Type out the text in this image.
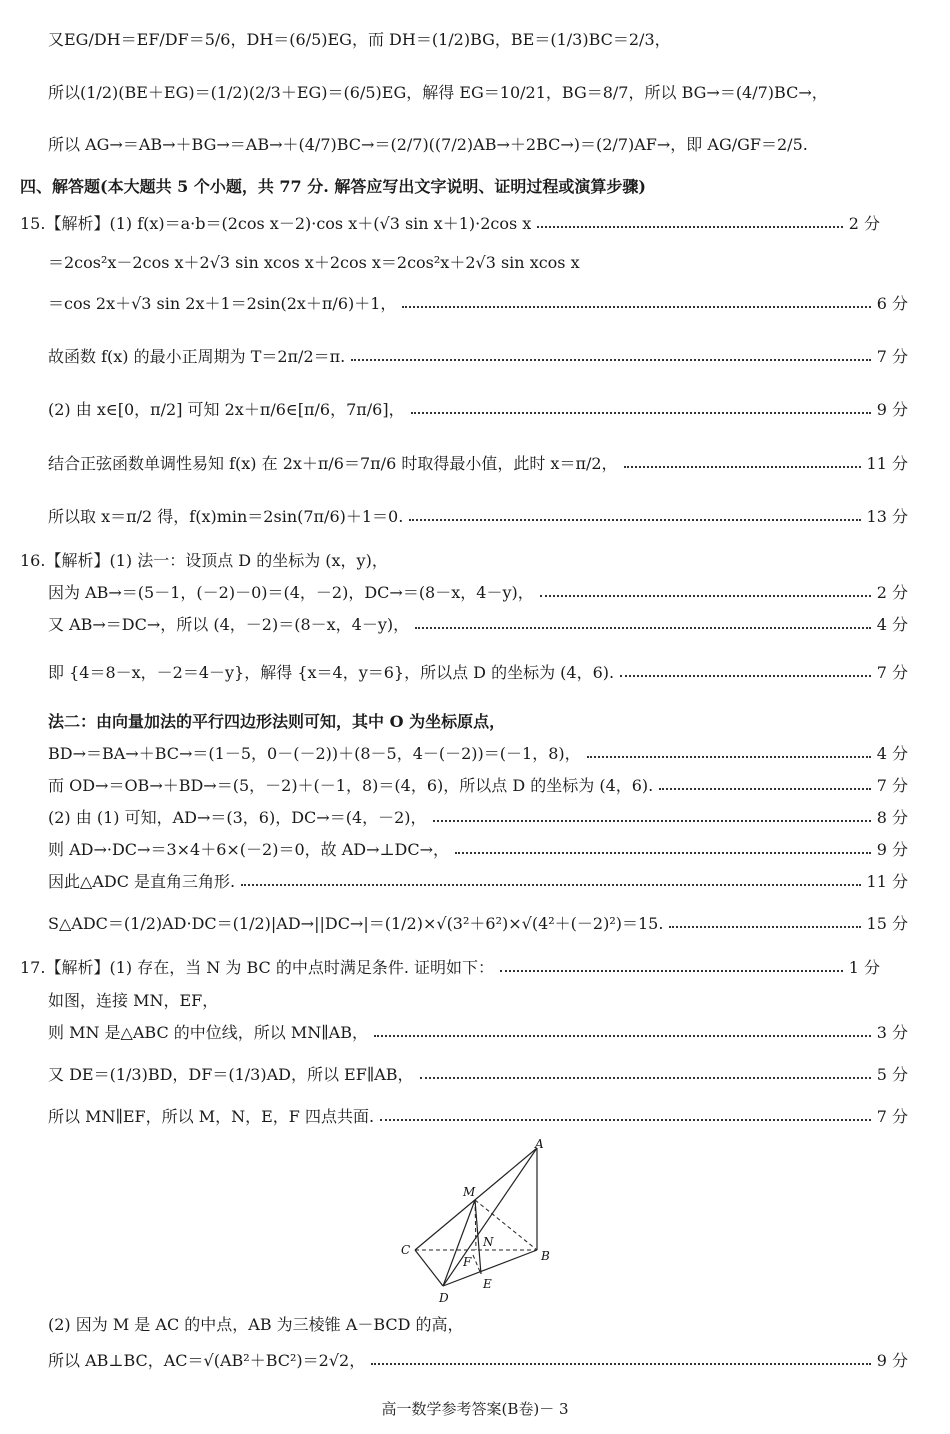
又EG/DH＝EF/DF＝5/6，DH＝(6/5)EG，而 DH＝(1/2)BG，BE＝(1/3)BC＝2/3，
所以(1/2)(BE＋EG)＝(1/2)(2/3＋EG)＝(6/5)EG，解得 EG＝10/21，BG＝8/7，所以 BG→＝(4/7)BC→，
所以 AG→＝AB→＋BG→＝AB→＋(4/7)BC→＝(2/7)((7/2)AB→＋2BC→)＝(2/7)AF→，即 AG/GF＝2/5.
四、解答题(本大题共 5 个小题，共 77 分. 解答应写出文字说明、证明过程或演算步骤)
15.【解析】(1) f(x)＝a·b＝(2cos x－2)·cos x＋(√3 sin x＋1)·2cos x	2 分
＝2cos²x－2cos x＋2√3 sin xcos x＋2cos x＝2cos²x＋2√3 sin xcos x
＝cos 2x＋√3 sin 2x＋1＝2sin(2x＋π/6)＋1，	6 分
故函数 f(x) 的最小正周期为 T＝2π/2＝π.	7 分
(2) 由 x∈[0，π/2] 可知 2x＋π/6∈[π/6，7π/6]，	9 分
结合正弦函数单调性易知 f(x) 在 2x＋π/6＝7π/6 时取得最小值，此时 x＝π/2，	11 分
所以取 x＝π/2 得，f(x)min＝2sin(7π/6)＋1＝0.	13 分
16.【解析】(1) 法一：设顶点 D 的坐标为 (x，y)，
因为 AB→＝(5－1，(－2)－0)＝(4，－2)，DC→＝(8－x，4－y)，	2 分
又 AB→＝DC→，所以 (4，－2)＝(8－x，4－y)，	4 分
即 {4＝8－x，－2＝4－y}，解得 {x＝4，y＝6}，所以点 D 的坐标为 (4，6).	7 分
法二：由向量加法的平行四边形法则可知，其中 O 为坐标原点，
BD→＝BA→＋BC→＝(1－5，0－(－2))＋(8－5，4－(－2))＝(－1，8)，	4 分
而 OD→＝OB→＋BD→＝(5，－2)＋(－1，8)＝(4，6)，所以点 D 的坐标为 (4，6).	7 分
(2) 由 (1) 可知，AD→＝(3，6)，DC→＝(4，－2)，	8 分
则 AD→·DC→＝3×4＋6×(－2)＝0，故 AD→⊥DC→，	9 分
因此△ADC 是直角三角形.	11 分
S△ADC＝(1/2)AD·DC＝(1/2)|AD→||DC→|＝(1/2)×√(3²＋6²)×√(4²＋(－2)²)＝15.	15 分
17.【解析】(1) 存在，当 N 为 BC 的中点时满足条件. 证明如下：	1 分
如图，连接 MN，EF，
则 MN 是△ABC 的中位线，所以 MN∥AB，	3 分
又 DE＝(1/3)BD，DF＝(1/3)AD，所以 EF∥AB，	5 分
所以 MN∥EF，所以 M，N，E，F 四点共面.	7 分
A
M
N
C	B
F
E
D
(2) 因为 M 是 AC 的中点，AB 为三棱锥 A－BCD 的高，
所以 AB⊥BC，AC＝√(AB²＋BC²)＝2√2，	9 分
高一数学参考答案(B卷)－ 3
